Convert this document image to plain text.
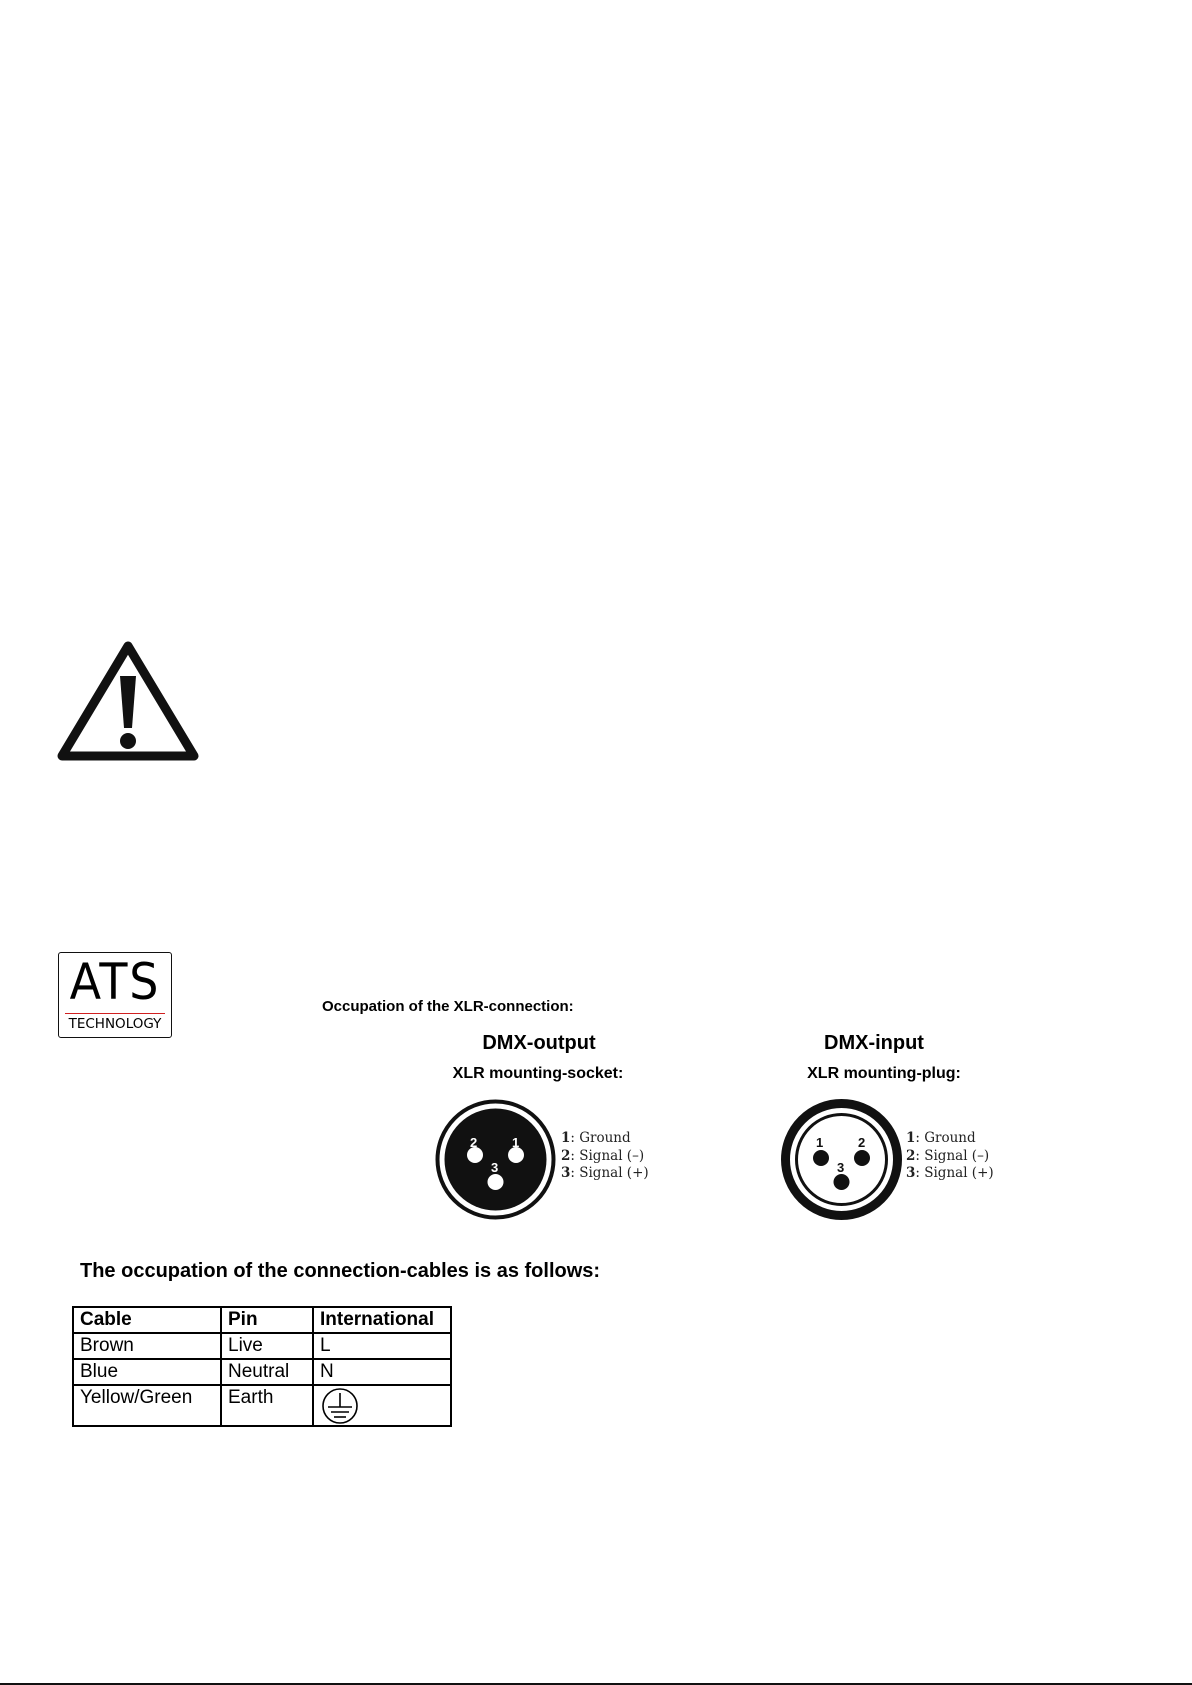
ATS
TECHNOLOGY
Occupation of the XLR-connection:
DMX-output
XLR mounting-socket:
DMX-input
XLR mounting-plug:
2	1
3
1	2
3
1: Ground
2: Signal (–)
3: Signal (+)
1: Ground
2: Signal (–)
3: Signal (+)
The occupation of the connection-cables is as follows:
Cable	Pin	International
Brown	Live	L
Blue	Neutral	N
Yellow/Green	Earth	
